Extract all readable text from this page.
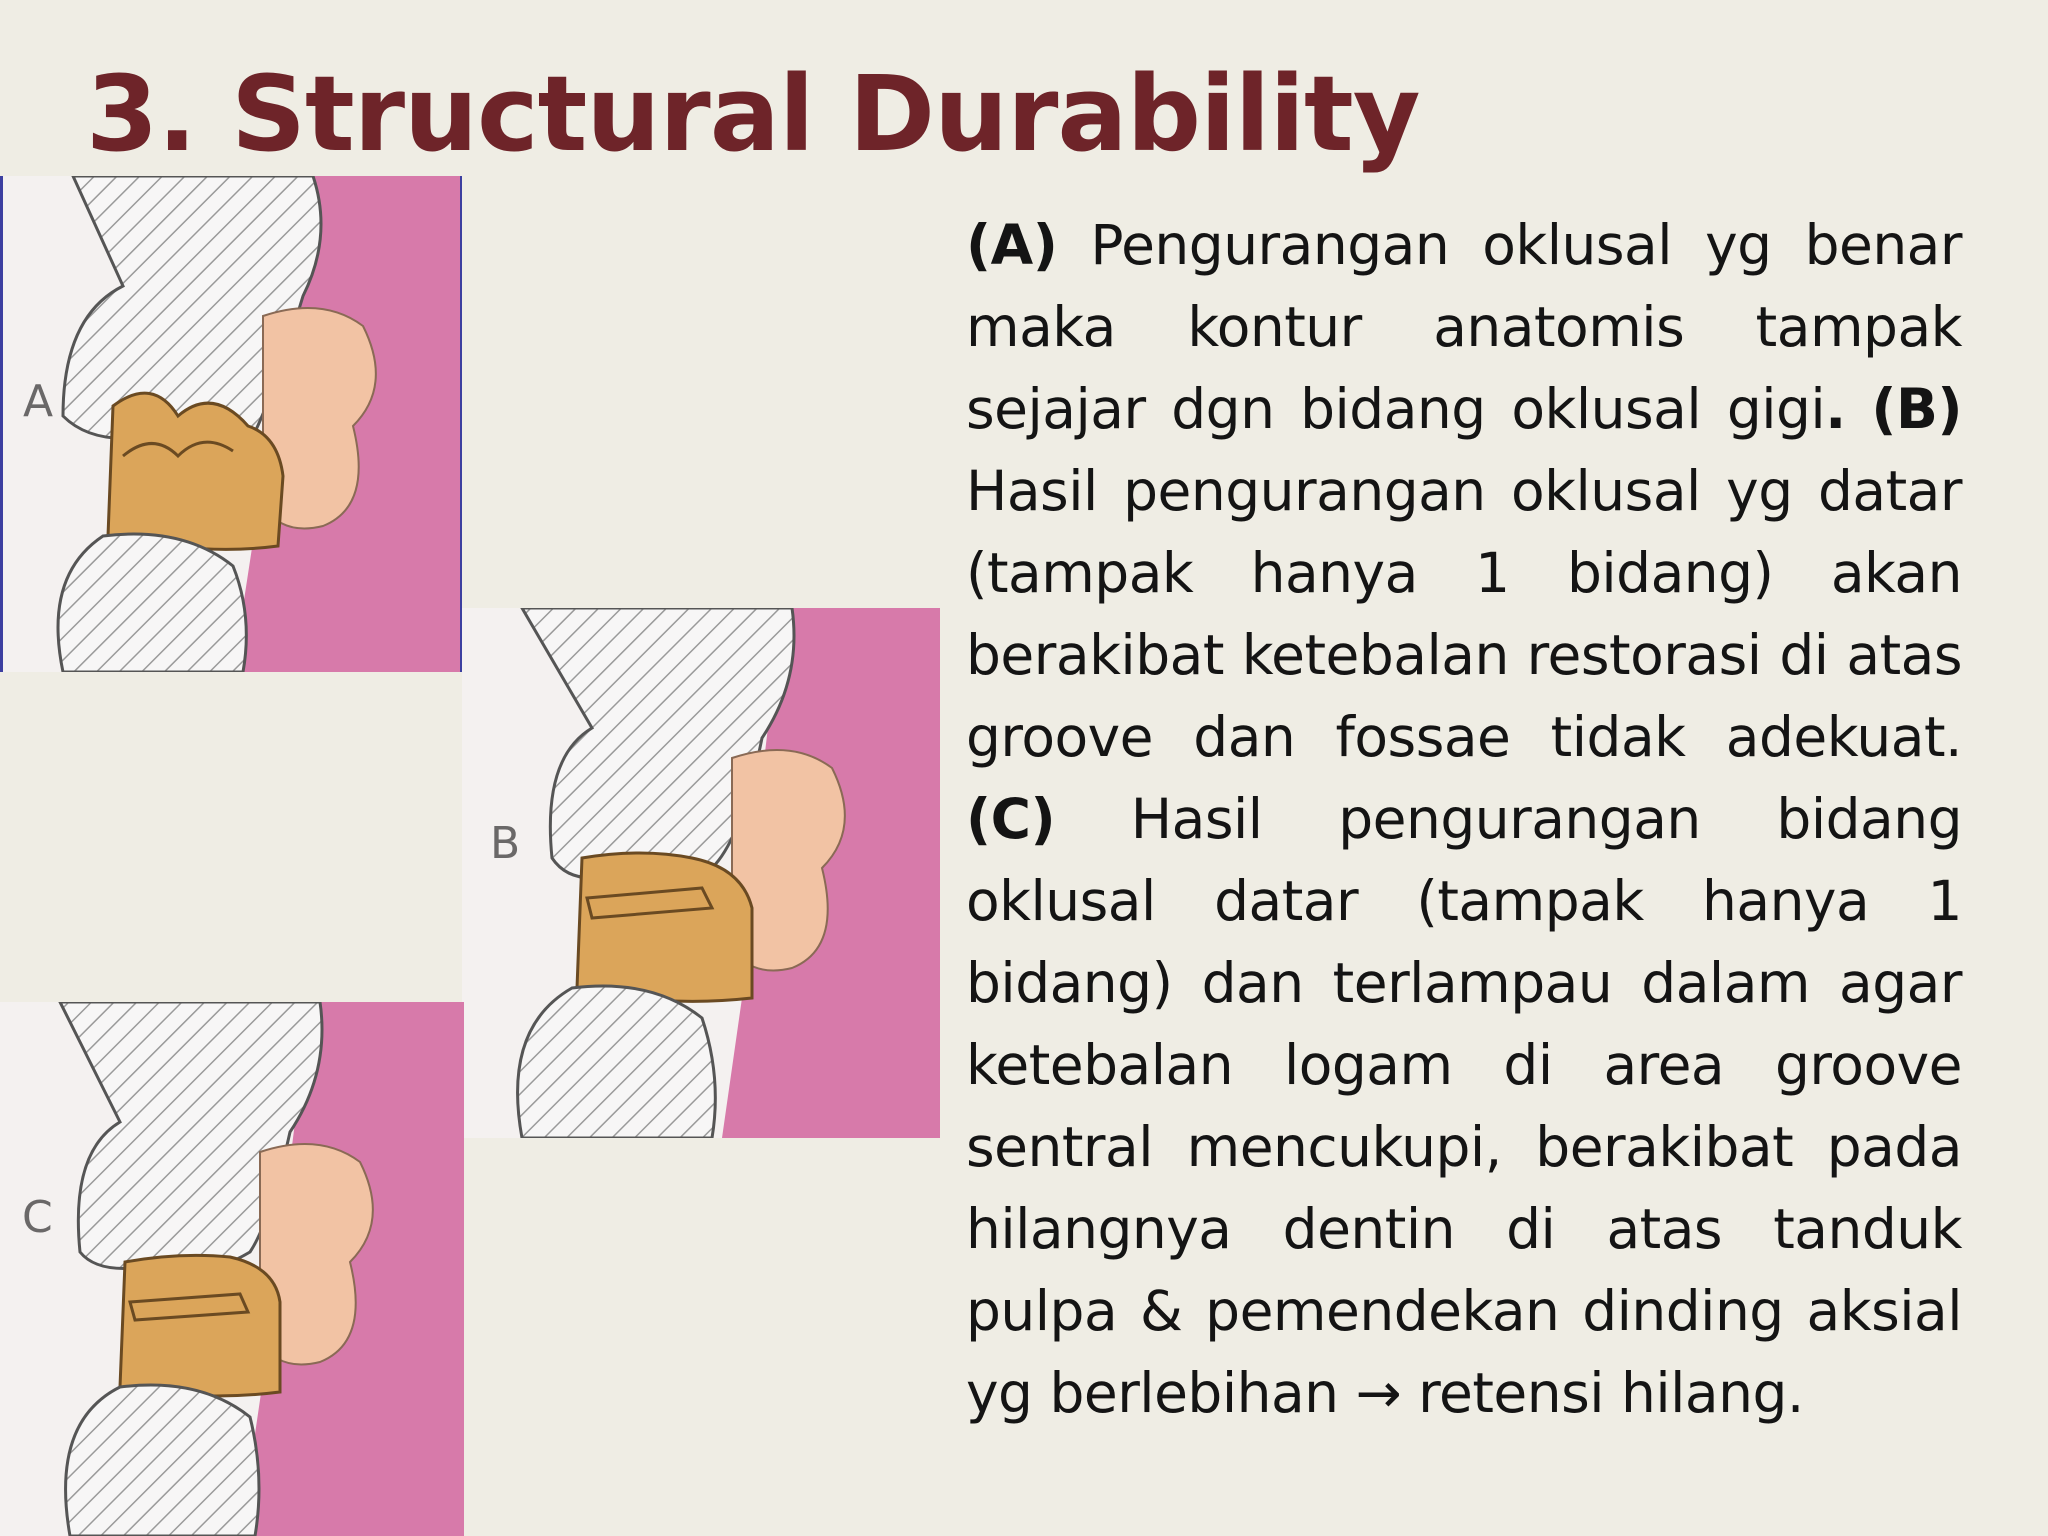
3. Structural Durability
A
B
C

(A) Pengurangan oklusal yg benar maka kontur anatomis tampak sejajar dgn bidang oklusal gigi. (B) Hasil pengurangan oklusal yg datar (tampak hanya 1 bidang) akan berakibat ketebalan restorasi di atas groove dan fossae tidak adekuat. (C) Hasil pengurangan bidang oklusal datar (tampak hanya 1 bidang) dan terlampau dalam agar ketebalan logam di area groove sentral mencukupi, berakibat pada hilangnya dentin di atas tanduk pulpa & pemendekan dinding aksial yg berlebihan → retensi hilang.
